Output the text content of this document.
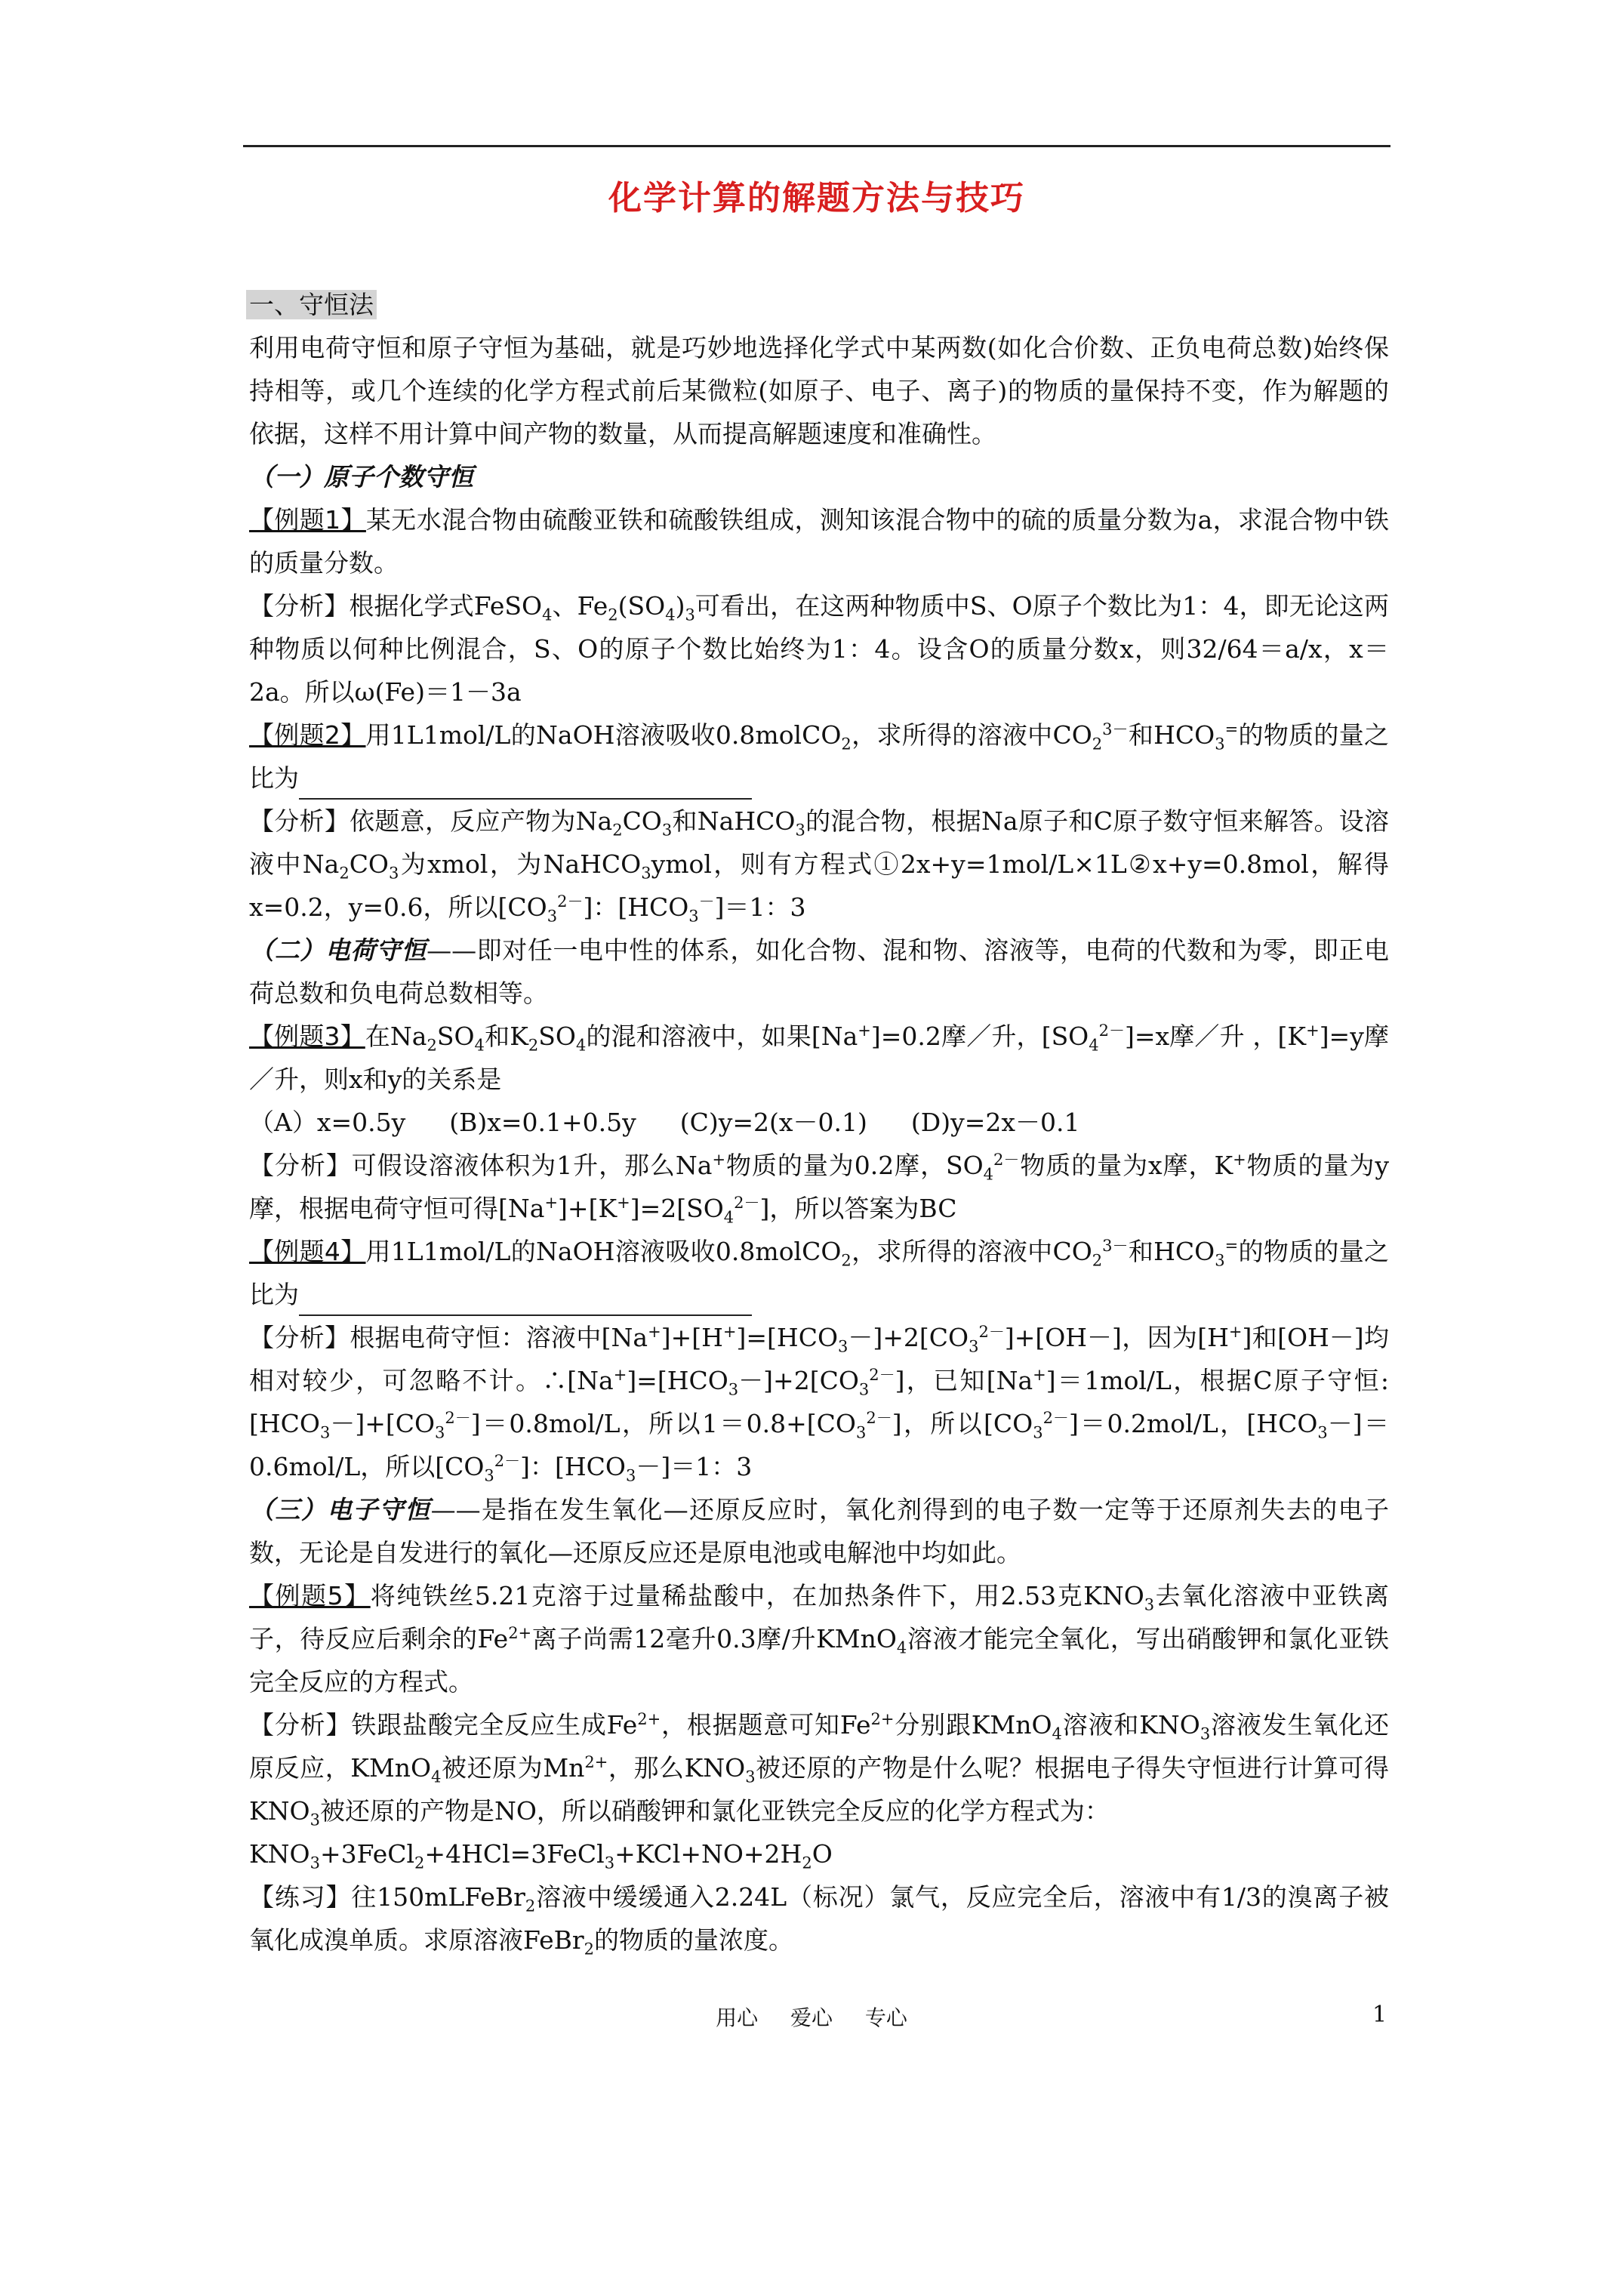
化学计算的解题方法与技巧

一、守恒法

利用电荷守恒和原子守恒为基础，就是巧妙地选择化学式中某两数(如化合价数、正负电荷总数)始终保持相等，或几个连续的化学方程式前后某微粒(如原子、电子、离子)的物质的量保持不变，作为解题的依据，这样不用计算中间产物的数量，从而提高解题速度和准确性。

（一）原子个数守恒

【例题1】某无水混合物由硫酸亚铁和硫酸铁组成，测知该混合物中的硫的质量分数为a，求混合物中铁的质量分数。

【分析】根据化学式FeSO$_4$、$Fe_2(SO_4)_3$可看出，在这两种物质中S、O原子个数比为1：4，即无论这两种物质以何种比例混合，S、O的原子个数比始终为1：4。设含O的质量分数x，则32/64＝a/x，x＝2a。所以ω(Fe)＝1－3a

【例题2】用1L1mol/L的NaOH溶液吸收0.8molCO$_2$，求所得的溶液中$CO_2^{3-}$和$HCO_3^=$的物质的量之比为

【分析】依题意，反应产物为$Na_2CO_3$和NaHCO$_3$的混合物，根据Na原子和C原子数守恒来解答。设溶液中$Na_2CO_3$为xmol，为NaHCO$_3$ymol，则有方程式①2x+y=1mol/L×1L②x+y=0.8mol，解得x=0.2，y=0.6，所以$[CO_3^{2-}]$：$[HCO_3^-]=1$：3

（二）电荷守恒——即对任一电中性的体系，如化合物、混和物、溶液等，电荷的代数和为零，即正电荷总数和负电荷总数相等。

【例题3】在$Na_2SO_4$和$K_2SO_4$的混和溶液中，如果[Na+]=0.2摩／升，$[SO_4^{2-}]=x$摩／升 ，[K+]=y摩／升，则x和y的关系是

（A）x=0.5y (B)x=0.1+0.5y (C)y=2(x－0.1) (D)y=2x－0.1

【分析】可假设溶液体积为1升，那么Na+物质的量为0.2摩，$SO_4^{2-}$物质的量为x摩，K+物质的量为y摩，根据电荷守恒可得$[Na^+]+[K^+]=2[SO_4^{2-}]$，所以答案为BC

【例题4】用1L1mol/L的NaOH溶液吸收0.8molCO$_2$，求所得的溶液中$CO_2^{3-}$和$HCO_3^=$的物质的量之比为

【分析】根据电荷守恒：溶液中$[Na^+]+[H^+]=[HCO_3-]+2[CO_3^{2-}]+[OH-]$，因为[H+]和[OH－]均相对较少，可忽略不计。$\therefore[Na^+]=[HCO_3-]+2[CO_3^{2-}]$，已知[Na+]＝1mol/L，根据C原子守恒$:[HCO_3-]+[CO_3^{2-}]=0.8mol/L$，所以$1=0.8+[CO_3^{2-}]$，所以$[CO_3^{2-}]=0.2mol/L$，$[HCO_3-]=0.6mol/L$，所以$[CO_3^{2-}]$：$[HCO_3-]=1$：3

（三）电子守恒——是指在发生氧化—还原反应时，氧化剂得到的电子数一定等于还原剂失去的电子数，无论是自发进行的氧化—还原反应还是原电池或电解池中均如此。

【例题5】将纯铁丝5.21克溶于过量稀盐酸中，在加热条件下，用2.53克$KNO_3$去氧化溶液中亚铁离子，待反应后剩余的$Fe^{2+}$离子尚需12毫升0.3摩/升KMnO$_4$溶液才能完全氧化，写出硝酸钾和氯化亚铁完全反应的方程式。

【分析】铁跟盐酸完全反应生成$Fe^{2+}$，根据题意可知$Fe^{2+}$分别跟KMnO$_4$溶液和$KNO_3$溶液发生氧化还原反应，KMnO$_4$被还原为$Mn^{2+}$，那么$KNO_3$被还原的产物是什么呢？根据电子得失守恒进行计算可得$KNO_3$被还原的产物是NO，所以硝酸钾和氯化亚铁完全反应的化学方程式为：

$KNO_3+3FeCl_2+4HCl=3FeCl_3+KCl+NO+2H_2O$

【练习】往150mLFeBr$_2$溶液中缓缓通入2.24L（标况）氯气，反应完全后，溶液中有1/3的溴离子被氧化成溴单质。求原溶液FeBr$_2$的物质的量浓度。

用心 爱心 专心	1
